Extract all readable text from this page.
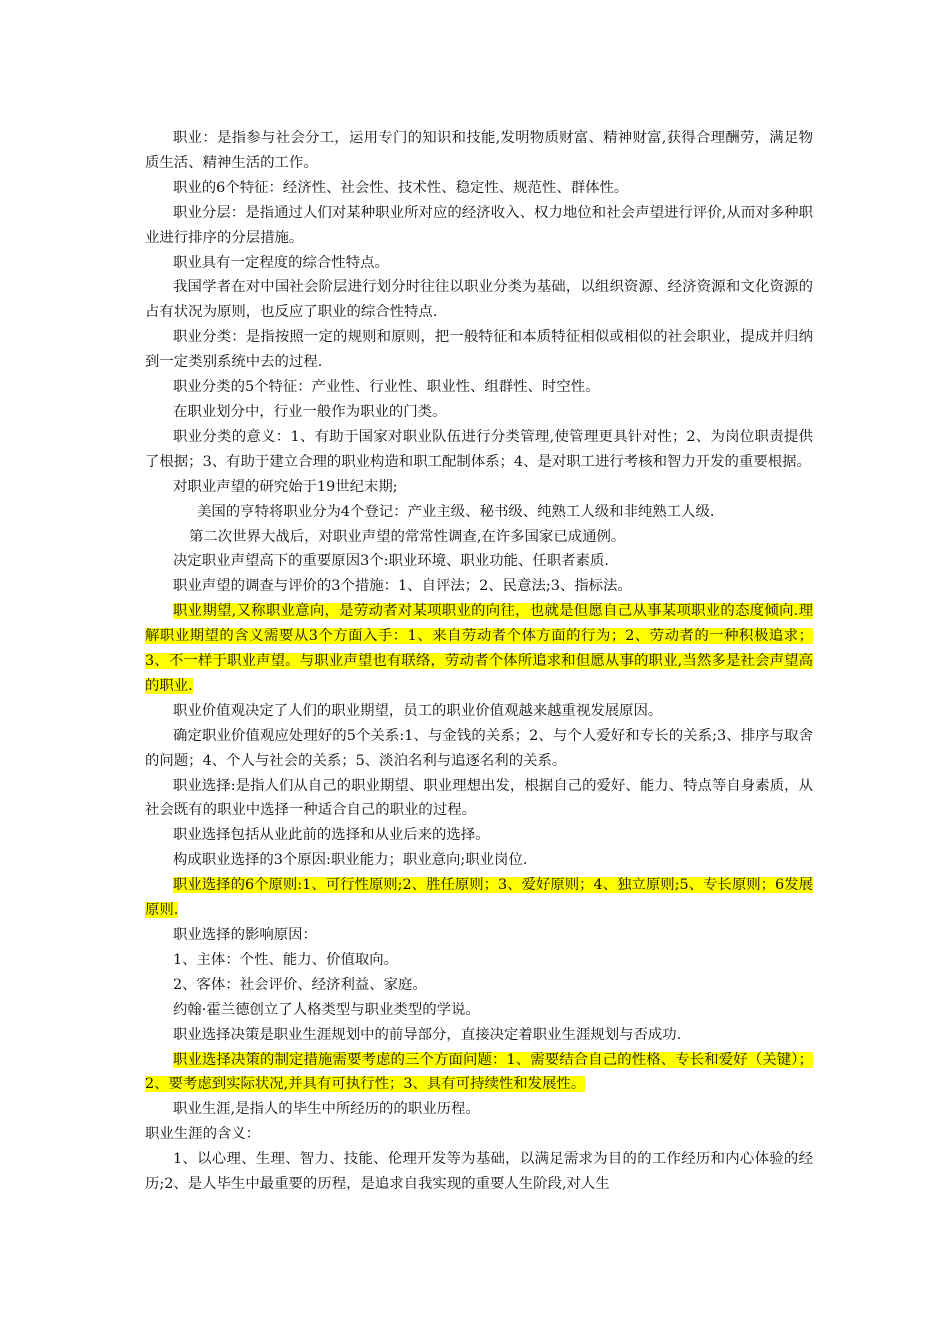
职业：是指参与社会分工，运用专门的知识和技能,发明物质财富、精神财富,获得合理酬劳，满足物质生活、精神生活的工作。

职业的6个特征：经济性、社会性、技术性、稳定性、规范性、群体性。

职业分层：是指通过人们对某种职业所对应的经济收入、权力地位和社会声望进行评价,从而对多种职业进行排序的分层措施。

职业具有一定程度的综合性特点。

我国学者在对中国社会阶层进行划分时往往以职业分类为基础，以组织资源、经济资源和文化资源的占有状况为原则，也反应了职业的综合性特点.

职业分类：是指按照一定的规则和原则，把一般特征和本质特征相似或相似的社会职业，提成并归纳到一定类别系统中去的过程.

职业分类的5个特征：产业性、行业性、职业性、组群性、时空性。

在职业划分中，行业一般作为职业的门类。

职业分类的意义：1、有助于国家对职业队伍进行分类管理,使管理更具针对性；2、为岗位职责提供了根据；3、有助于建立合理的职业构造和职工配制体系；4、是对职工进行考核和智力开发的重要根据。

对职业声望的研究始于19世纪末期;

美国的亨特将职业分为4个登记：产业主级、秘书级、纯熟工人级和非纯熟工人级.

第二次世界大战后，对职业声望的常常性调查,在许多国家已成通例。

决定职业声望高下的重要原因3个:职业环境、职业功能、任职者素质.

职业声望的调查与评价的3个措施：1、自评法；2、民意法;3、指标法。

职业期望,又称职业意向，是劳动者对某项职业的向往，也就是但愿自己从事某项职业的态度倾向.理解职业期望的含义需要从3个方面入手：1、来自劳动者个体方面的行为；2、劳动者的一种积极追求；3、不一样于职业声望。与职业声望也有联络，劳动者个体所追求和但愿从事的职业,当然多是社会声望高的职业.

职业价值观决定了人们的职业期望，员工的职业价值观越来越重视发展原因。

确定职业价值观应处理好的5个关系:1、与金钱的关系；2、与个人爱好和专长的关系;3、排序与取舍的问题；4、个人与社会的关系；5、淡泊名利与追逐名利的关系。

职业选择:是指人们从自己的职业期望、职业理想出发，根据自己的爱好、能力、特点等自身素质，从社会既有的职业中选择一种适合自己的职业的过程。

职业选择包括从业此前的选择和从业后来的选择。

构成职业选择的3个原因:职业能力；职业意向;职业岗位.

职业选择的6个原则:1、可行性原则;2、胜任原则；3、爱好原则；4、独立原则;5、专长原则；6发展原则.

职业选择的影响原因：

1、主体：个性、能力、价值取向。

2、客体：社会评价、经济利益、家庭。

约翰·霍兰德创立了人格类型与职业类型的学说。

职业选择决策是职业生涯规划中的前导部分，直接决定着职业生涯规划与否成功.

职业选择决策的制定措施需要考虑的三个方面问题：1、需要结合自己的性格、专长和爱好（关键）；2、要考虑到实际状况,并具有可执行性；3、具有可持续性和发展性。

职业生涯,是指人的毕生中所经历的的职业历程。

职业生涯的含义：

1、以心理、生理、智力、技能、伦理开发等为基础，以满足需求为目的的工作经历和内心体验的经历;2、是人毕生中最重要的历程，是追求自我实现的重要人生阶段,对人生
